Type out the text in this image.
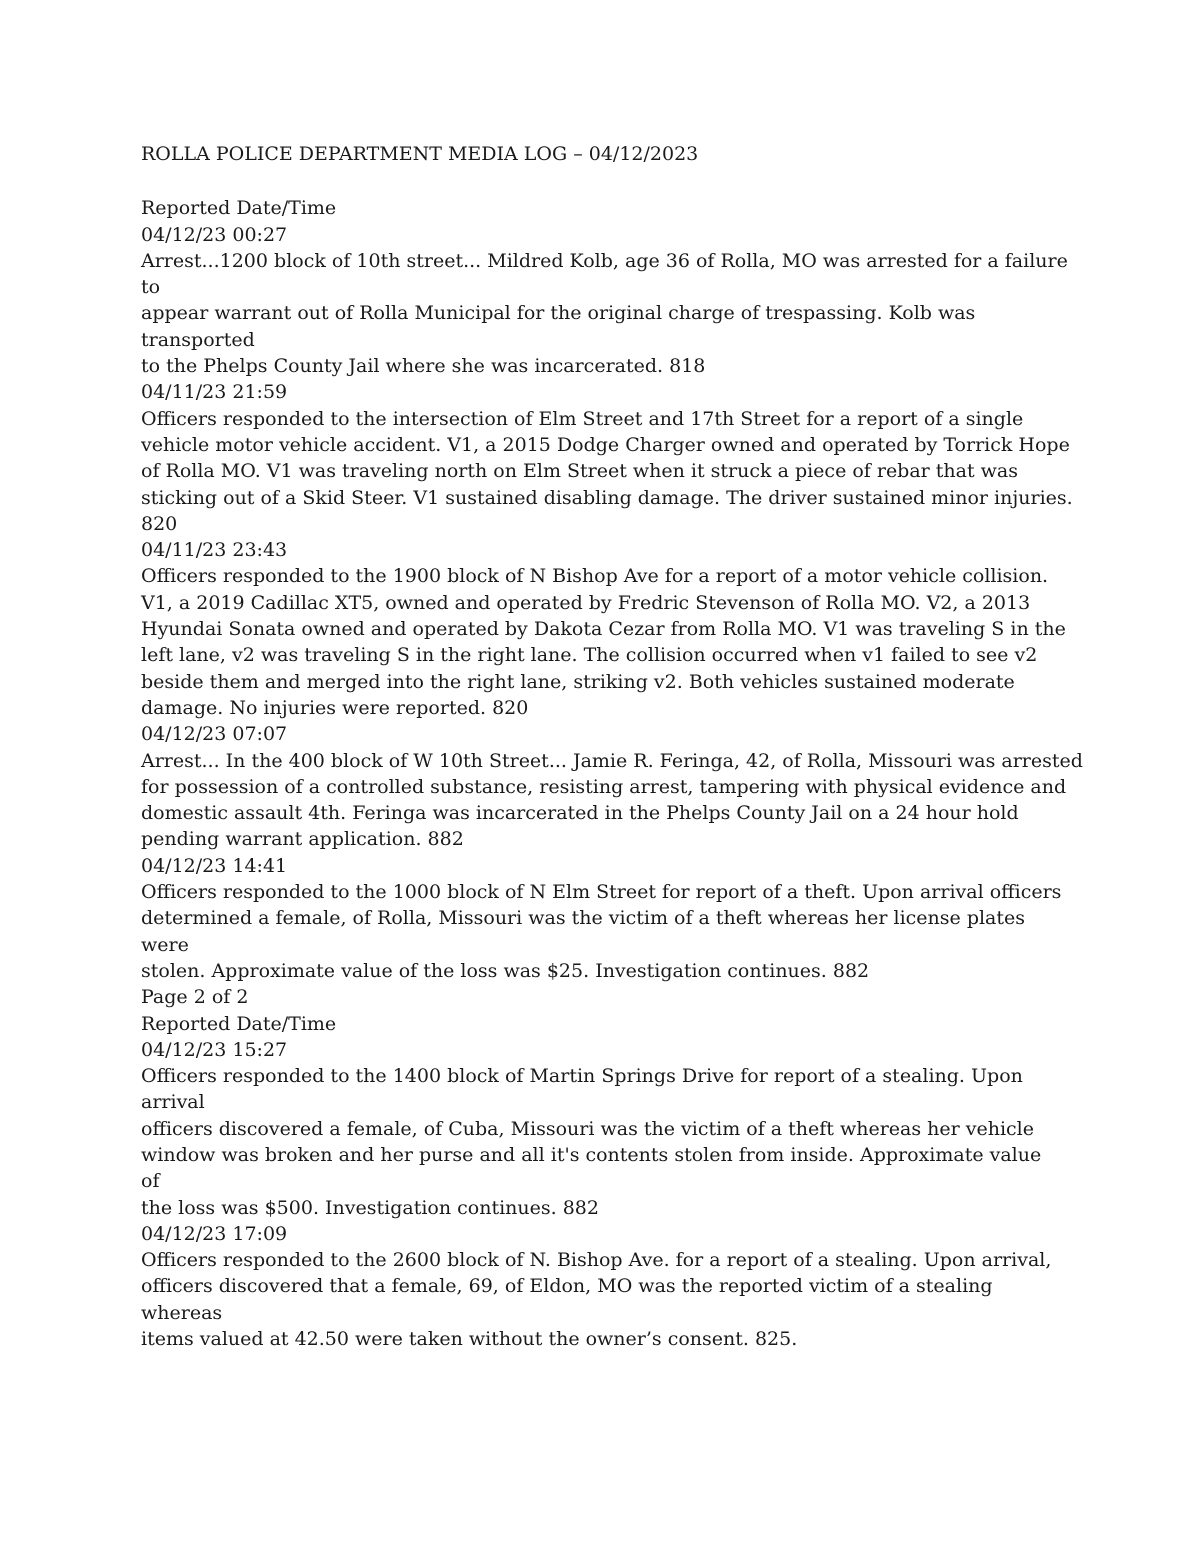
ROLLA POLICE DEPARTMENT MEDIA LOG – 04/12/2023
Reported Date/Time
04/12/23 00:27
Arrest...1200 block of 10th street... Mildred Kolb, age 36 of Rolla, MO was arrested for a failure
to
appear warrant out of Rolla Municipal for the original charge of trespassing. Kolb was
transported
to the Phelps County Jail where she was incarcerated. 818
04/11/23 21:59
Officers responded to the intersection of Elm Street and 17th Street for a report of a single
vehicle motor vehicle accident. V1, a 2015 Dodge Charger owned and operated by Torrick Hope
of Rolla MO. V1 was traveling north on Elm Street when it struck a piece of rebar that was
sticking out of a Skid Steer. V1 sustained disabling damage. The driver sustained minor injuries.
820
04/11/23 23:43
Officers responded to the 1900 block of N Bishop Ave for a report of a motor vehicle collision.
V1, a 2019 Cadillac XT5, owned and operated by Fredric Stevenson of Rolla MO. V2, a 2013
Hyundai Sonata owned and operated by Dakota Cezar from Rolla MO. V1 was traveling S in the
left lane, v2 was traveling S in the right lane. The collision occurred when v1 failed to see v2
beside them and merged into the right lane, striking v2. Both vehicles sustained moderate
damage. No injuries were reported. 820
04/12/23 07:07
Arrest... In the 400 block of W 10th Street... Jamie R. Feringa, 42, of Rolla, Missouri was arrested
for possession of a controlled substance, resisting arrest, tampering with physical evidence and
domestic assault 4th. Feringa was incarcerated in the Phelps County Jail on a 24 hour hold
pending warrant application. 882
04/12/23 14:41
Officers responded to the 1000 block of N Elm Street for report of a theft. Upon arrival officers
determined a female, of Rolla, Missouri was the victim of a theft whereas her license plates
were
stolen. Approximate value of the loss was $25. Investigation continues. 882
Page 2 of 2
Reported Date/Time
04/12/23 15:27
Officers responded to the 1400 block of Martin Springs Drive for report of a stealing. Upon
arrival
officers discovered a female, of Cuba, Missouri was the victim of a theft whereas her vehicle
window was broken and her purse and all it's contents stolen from inside. Approximate value
of
the loss was $500. Investigation continues. 882
04/12/23 17:09
Officers responded to the 2600 block of N. Bishop Ave. for a report of a stealing. Upon arrival,
officers discovered that a female, 69, of Eldon, MO was the reported victim of a stealing
whereas
items valued at 42.50 were taken without the owner’s consent. 825.
